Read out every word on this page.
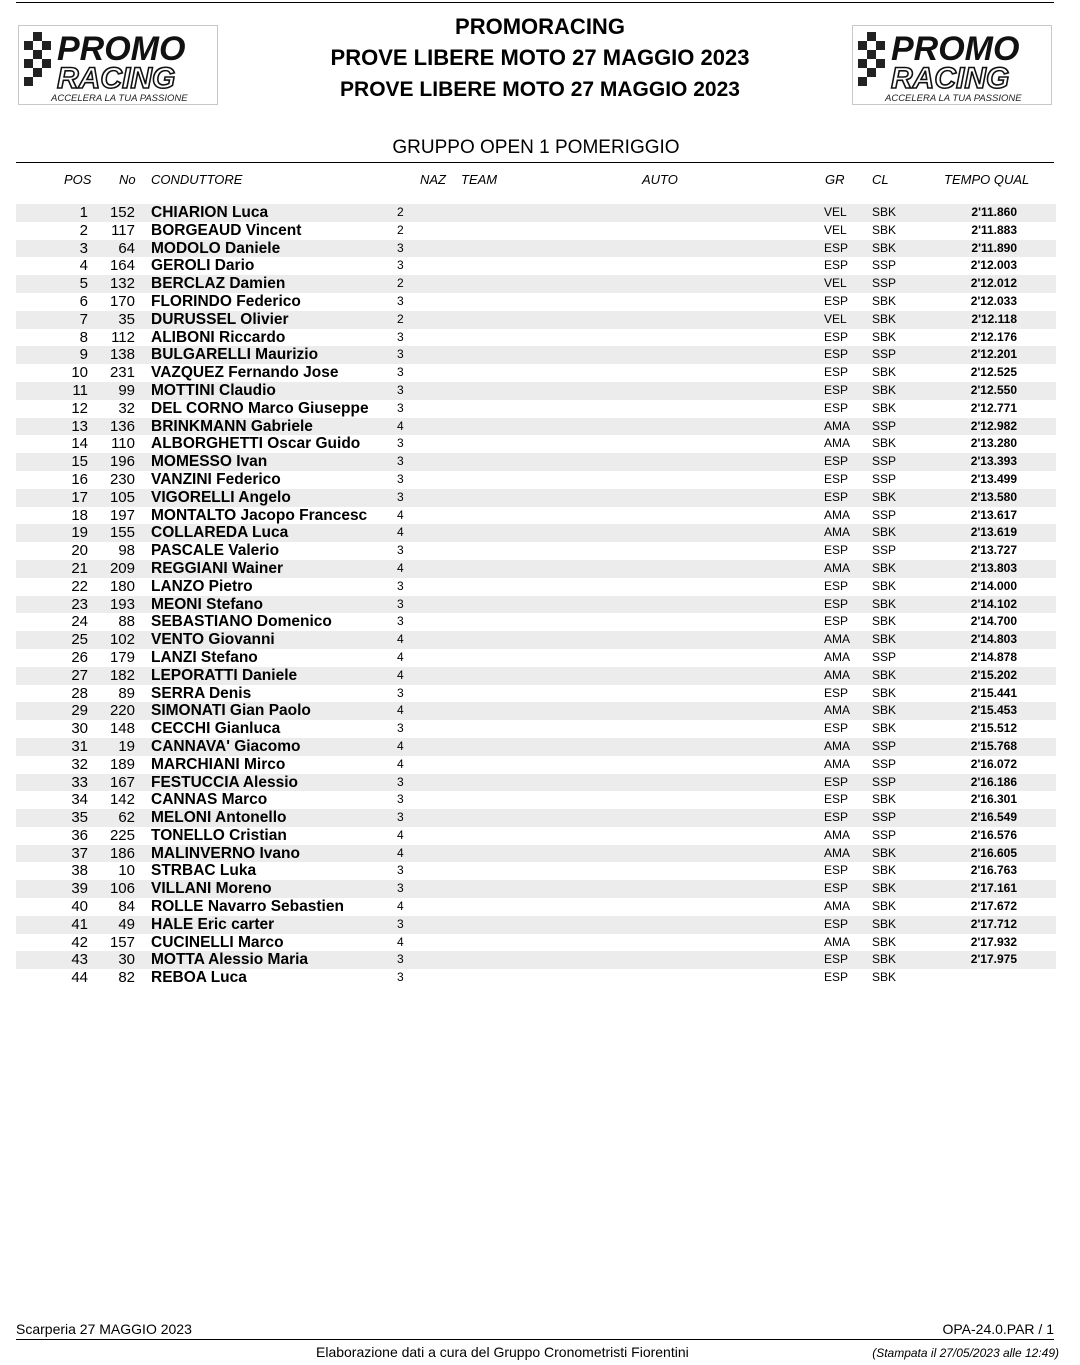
PROMO
RACING
ACCELERA LA TUA PASSIONE
PROMO
RACING
ACCELERA LA TUA PASSIONE
PROMORACING
PROVE LIBERE MOTO 27 MAGGIO 2023
PROVE LIBERE MOTO 27 MAGGIO 2023
GRUPPO OPEN 1 POMERIGGIO
POS No CONDUTTORE	NAZ TEAM	AUTO	GR CL	TEMPO QUAL
1	152 CHIARION Luca	2	VEL SBK	2'11.860
2	117 BORGEAUD Vincent	2	VEL SBK	2'11.883
3	64 MODOLO Daniele	3	ESP SBK	2'11.890
4	164 GEROLI Dario	3	ESP SSP	2'12.003
5	132 BERCLAZ Damien	2	VEL SSP	2'12.012
6	170 FLORINDO Federico	3	ESP SBK	2'12.033
7	35 DURUSSEL Olivier	2	VEL SBK	2'12.118
8	112 ALIBONI Riccardo	3	ESP SBK	2'12.176
9	138 BULGARELLI Maurizio	3	ESP SSP	2'12.201
10	231 VAZQUEZ Fernando Jose	3	ESP SBK	2'12.525
11	99 MOTTINI Claudio	3	ESP SBK	2'12.550
12	32 DEL CORNO Marco Giuseppe 3	ESP SBK	2'12.771
13	136 BRINKMANN Gabriele	4	AMA SSP	2'12.982
14	110 ALBORGHETTI Oscar Guido	3	AMA SBK	2'13.280
15	196 MOMESSO Ivan	3	ESP SSP	2'13.393
16	230 VANZINI Federico	3	ESP SSP	2'13.499
17	105 VIGORELLI Angelo	3	ESP SBK	2'13.580
18	197 MONTALTO Jacopo Francesc 4	AMA SSP	2'13.617
19	155 COLLAREDA Luca	4	AMA SBK	2'13.619
20	98 PASCALE Valerio	3	ESP SSP	2'13.727
21	209 REGGIANI Wainer	4	AMA SBK	2'13.803
22	180 LANZO Pietro	3	ESP SBK	2'14.000
23	193 MEONI Stefano	3	ESP SBK	2'14.102
24	88 SEBASTIANO Domenico	3	ESP SBK	2'14.700
25	102 VENTO Giovanni	4	AMA SBK	2'14.803
26	179 LANZI Stefano	4	AMA SSP	2'14.878
27	182 LEPORATTI Daniele	4	AMA SBK	2'15.202
28	89 SERRA Denis	3	ESP SBK	2'15.441
29	220 SIMONATI Gian Paolo	4	AMA SBK	2'15.453
30	148 CECCHI Gianluca	3	ESP SBK	2'15.512
31	19 CANNAVA' Giacomo	4	AMA SSP	2'15.768
32	189 MARCHIANI Mirco	4	AMA SSP	2'16.072
33	167 FESTUCCIA Alessio	3	ESP SSP	2'16.186
34	142 CANNAS Marco	3	ESP SBK	2'16.301
35	62 MELONI Antonello	3	ESP SSP	2'16.549
36	225 TONELLO Cristian	4	AMA SSP	2'16.576
37	186 MALINVERNO Ivano	4	AMA SBK	2'16.605
38	10 STRBAC Luka	3	ESP SBK	2'16.763
39	106 VILLANI Moreno	3	ESP SBK	2'17.161
40	84 ROLLE Navarro Sebastien	4	AMA SBK	2'17.672
41	49 HALE Eric carter	3	ESP SBK	2'17.712
42	157 CUCINELLI Marco	4	AMA SBK	2'17.932
43	30 MOTTA Alessio Maria	3	ESP SBK	2'17.975
44	82 REBOA Luca	3	ESP SBK
Scarperia 27 MAGGIO 2023	OPA-24.0.PAR / 1
Elaborazione dati a cura del Gruppo Cronometristi Fiorentini	(Stampata il 27/05/2023 alle 12:49)
